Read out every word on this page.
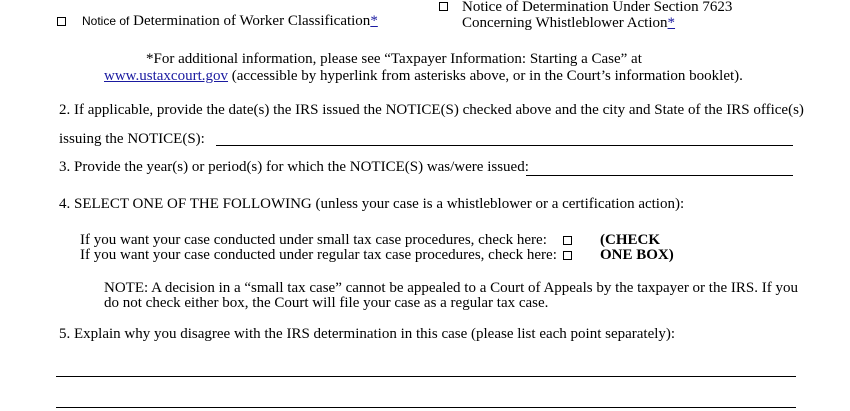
Notice of Determination of Worker Classification*
Notice of Determination Under Section 7623
Concerning Whistleblower Action*
*For additional information, please see “Taxpayer Information: Starting a Case” at
www.ustaxcourt.gov (accessible by hyperlink from asterisks above, or in the Court’s information booklet).
2. If applicable, provide the date(s) the IRS issued the NOTICE(S) checked above and the city and State of the IRS office(s)
issuing the NOTICE(S):
3. Provide the year(s) or period(s) for which the NOTICE(S) was/were issued:
4. SELECT ONE OF THE FOLLOWING (unless your case is a whistleblower or a certification action):
If you want your case conducted under small tax case procedures, check here:
If you want your case conducted under regular tax case procedures, check here:
(CHECK
ONE BOX)
NOTE: A decision in a “small tax case” cannot be appealed to a Court of Appeals by the taxpayer or the IRS. If you
do not check either box, the Court will file your case as a regular tax case.
5. Explain why you disagree with the IRS determination in this case (please list each point separately):
